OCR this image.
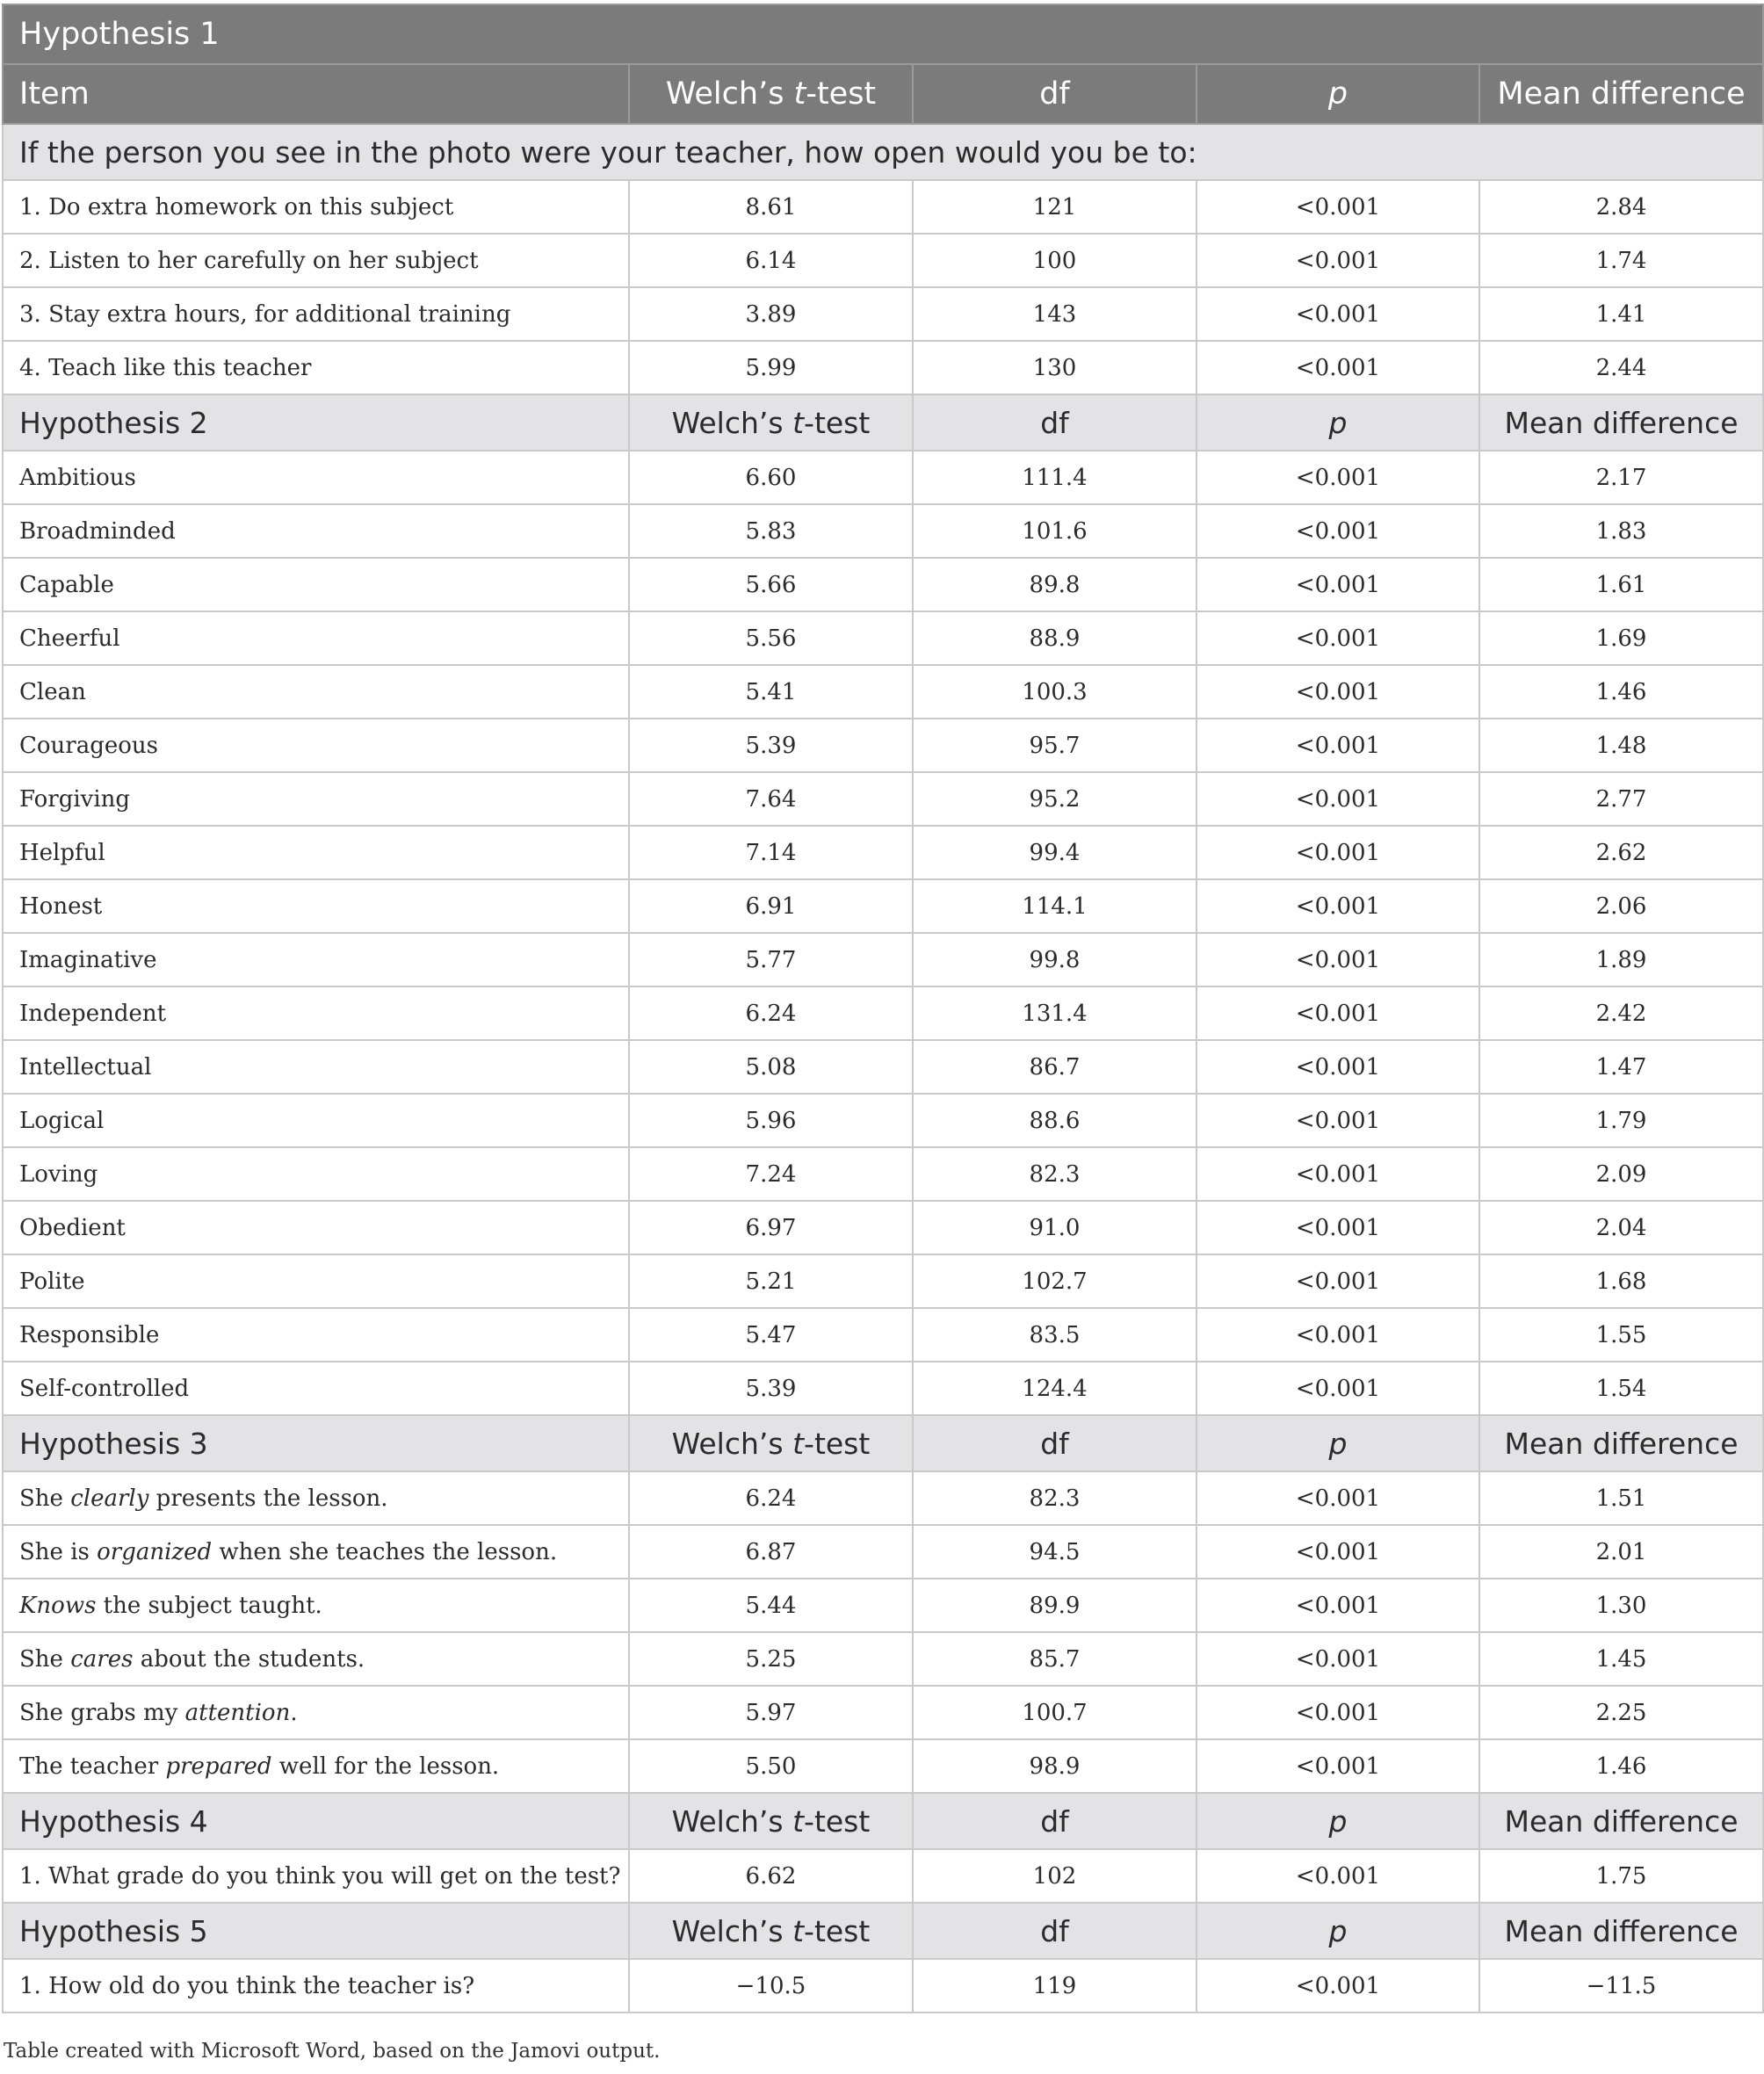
Hypothesis 1				
Item	Welch’s t-test	df	p	Mean difference
If the person you see in the photo were your teacher, how open would you be to:				
1. Do extra homework on this subject	8.61	121	<0.001	2.84
2. Listen to her carefully on her subject	6.14	100	<0.001	1.74
3. Stay extra hours, for additional training	3.89	143	<0.001	1.41
4. Teach like this teacher	5.99	130	<0.001	2.44
Hypothesis 2	Welch’s t-test	df	p	Mean difference
Ambitious	6.60	111.4	<0.001	2.17
Broadminded	5.83	101.6	<0.001	1.83
Capable	5.66	89.8	<0.001	1.61
Cheerful	5.56	88.9	<0.001	1.69
Clean	5.41	100.3	<0.001	1.46
Courageous	5.39	95.7	<0.001	1.48
Forgiving	7.64	95.2	<0.001	2.77
Helpful	7.14	99.4	<0.001	2.62
Honest	6.91	114.1	<0.001	2.06
Imaginative	5.77	99.8	<0.001	1.89
Independent	6.24	131.4	<0.001	2.42
Intellectual	5.08	86.7	<0.001	1.47
Logical	5.96	88.6	<0.001	1.79
Loving	7.24	82.3	<0.001	2.09
Obedient	6.97	91.0	<0.001	2.04
Polite	5.21	102.7	<0.001	1.68
Responsible	5.47	83.5	<0.001	1.55
Self-controlled	5.39	124.4	<0.001	1.54
Hypothesis 3	Welch’s t-test	df	p	Mean difference
She clearly presents the lesson.	6.24	82.3	<0.001	1.51
She is organized when she teaches the lesson.	6.87	94.5	<0.001	2.01
Knows the subject taught.	5.44	89.9	<0.001	1.30
She cares about the students.	5.25	85.7	<0.001	1.45
She grabs my attention.	5.97	100.7	<0.001	2.25
The teacher prepared well for the lesson.	5.50	98.9	<0.001	1.46
Hypothesis 4	Welch’s t-test	df	p	Mean difference
1. What grade do you think you will get on the test?	6.62	102	<0.001	1.75
Hypothesis 5	Welch’s t-test	df	p	Mean difference
1. How old do you think the teacher is?	−10.5	119	<0.001	−11.5
Table created with Microsoft Word, based on the Jamovi output.
